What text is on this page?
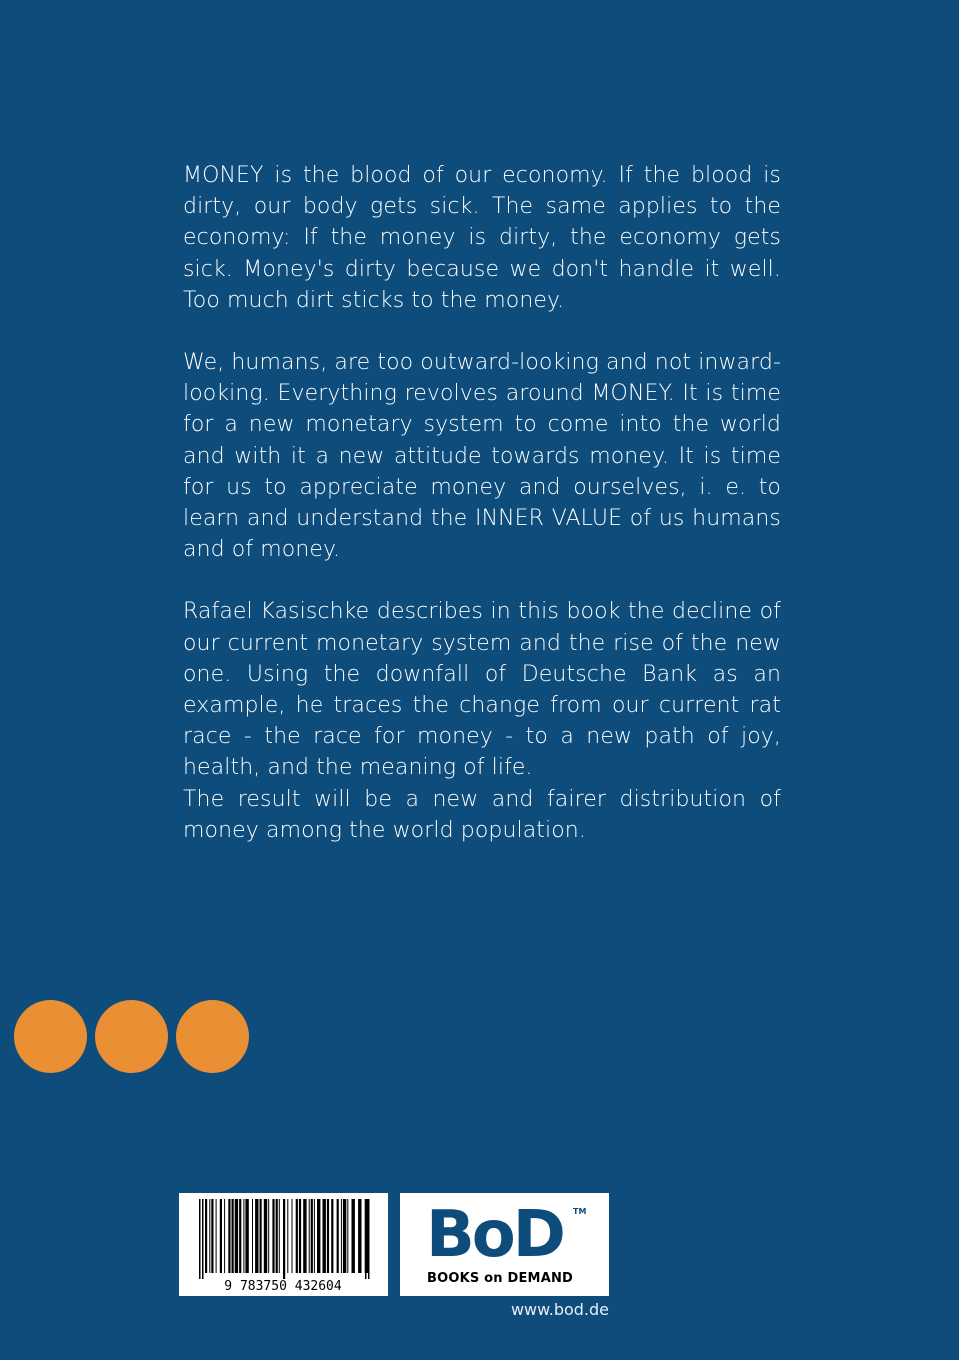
MONEY is the blood of our economy. If the blood is dirty, our body gets sick. The same applies to the economy: If the money is dirty, the economy gets sick. Money's dirty because we don't handle it well. Too much dirt sticks to the money.

We, humans, are too outward-looking and not inward-looking. Everything revolves around MONEY. It is time for a new monetary system to come into the world and with it a new attitude towards money. It is time for us to appreciate money and ourselves, i. e. to learn and understand the INNER VALUE of us humans and of money.

Rafael Kasischke describes in this book the decline of our current monetary system and the rise of the new one. Using the downfall of Deutsche Bank as an example, he traces the change from our current rat race - the race for money - to a new path of joy, health, and the meaning of life.

The result will be a new and fairer distribution of money among the world population.

9 783750 432604
BoD TM
BOOKS on DEMAND
www.bod.de
